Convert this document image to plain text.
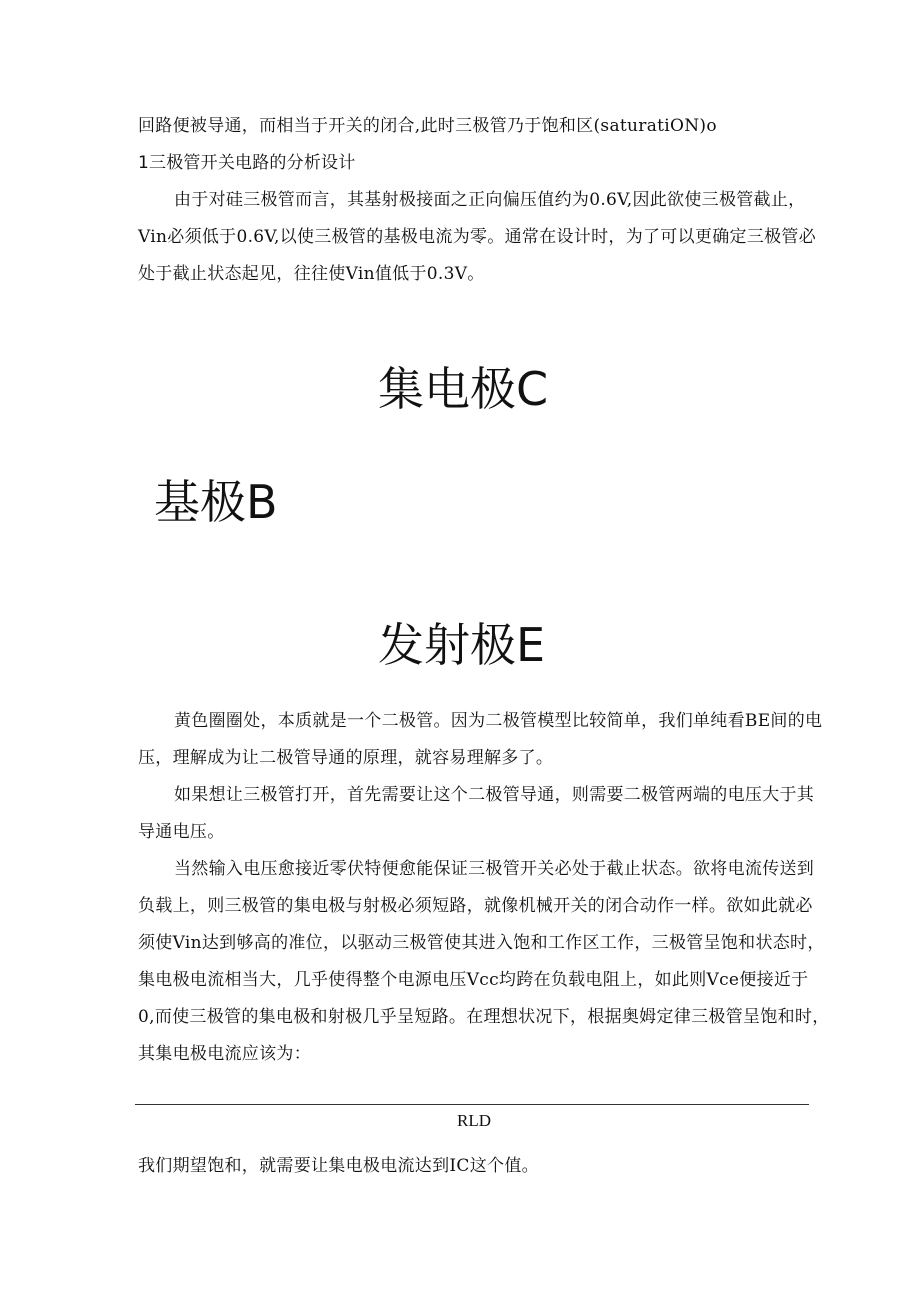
回路便被导通，而相当于开关的闭合,此时三极管乃于饱和区(saturatiON)o
1三极管开关电路的分析设计
由于对硅三极管而言，其基射极接面之正向偏压值约为0.6V,因此欲使三极管截止，
Vin必须低于0.6V,以使三极管的基极电流为零。通常在设计时，为了可以更确定三极管必
处于截止状态起见，往往使Vin值低于0.3V。
集电极C
基极B
发射极E
黄色圈圈处，本质就是一个二极管。因为二极管模型比较简单，我们单纯看BE间的电
压，理解成为让二极管导通的原理，就容易理解多了。
如果想让三极管打开，首先需要让这个二极管导通，则需要二极管两端的电压大于其
导通电压。
当然输入电压愈接近零伏特便愈能保证三极管开关必处于截止状态。欲将电流传送到
负载上，则三极管的集电极与射极必须短路，就像机械开关的闭合动作一样。欲如此就必
须使Vin达到够高的准位，以驱动三极管使其进入饱和工作区工作，三极管呈饱和状态时，
集电极电流相当大，几乎使得整个电源电压Vcc均跨在负载电阻上，如此则Vce便接近于
0,而使三极管的集电极和射极几乎呈短路。在理想状况下，根据奥姆定律三极管呈饱和时，
其集电极电流应该为：
RLD
我们期望饱和，就需要让集电极电流达到IC这个值。
